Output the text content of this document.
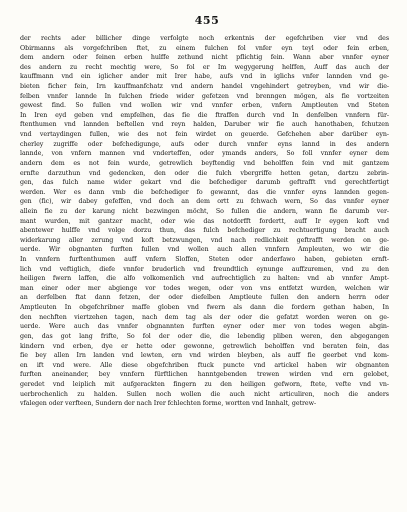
455
der rechts ader billicher dinge verfolgte noch erkentnis der egefchriben vier vnd des
Obirmanns als vorgefchriben ftet, zu einem fulchen fol vnfer eyn teyl oder fein erben,
dem andern oder feinen erben hulffe zethund nicht pflichtig fein. Wann aber vnnfer eyner
des andern zu recht mechtig were, So fol er Im wegygerung helffen, Auff das auch der
kauffmann vnd ein iglicher ander mit Irer habe, aufs vnd in iglichs vnfer lannden vnd ge-
bieten ficher fein, Irn kauffmanfchatz vnd andern handel vngehindert getreyben, vnd wir die-
felben vnnfer lannde In fulchen friede wider gefetzen vnd brenngen mögen, als fie vortzeiten
gewest find. So fullen vnd wollen wir vnd vnnfer erben, vnfern Amptleuten vnd Steten
In Iren eyd geben vnd empfelhen, das fie die ftraffen durch vnd In denfelben vnnfern für-
ftenthumen vnd lannden beftellen vnd reyn halden, Daruber wir fie auch hanothaben, fchutzen
vnd vertaydingen fullen, wie des not fein wirdet on geuerde. Gefchehen aber darüber eyn-
cherley zugriffe oder befchedigunge, aufs oder durch vnnfer eyns lannd in des andern
lannde, von vnfern mannen vnd vnderteffen, oder ymands anders, So foll vnnfer eyner dem
andern dem es not fein wurde, getrewlich beyftendig vnd beholffen fein vnd mit gantzem
ernfte darzuthun vnd gedencken, den oder die fulch vbergriffe hetten getan, dartzu zebrin-
gen, das fulch name wider gekart vnd die befchediger darumb geftrafft vnd gerechtfertigt
werden. Wer es dann vmb die befchediger fo gewannt, das die vnnfer eyns lannden gegen-
gen (fic), wir dabey gefeffen, vnd doch an dem ortt zu fchwach wern, So das vnnfer eyner
allein fie zu der karung nicht bezwingen möcht, So fullen die andern, wann fie darumb ver-
mant wurden, mit gantzer macht, oder wie das notdorfft fordertt, auff Ir eygen koft vnd
abentewer hulffe vnd volge dorzu thun, das fulch befchediger zu rechtuertigung bracht auch
widerkarung aller zerung vnd koft betzwungen, vnd nach redlichkeit geftrafft werden on ge-
uerde. Wir obgnanten furften fullen vnd wollen auch allen vnnfern Ampleuten, wo wir die
In vnnfern furftenthumen auff vnfern Sloffen, Steten oder anderfawo haben, gebieten ernft-
lich vnd veftiglich, diefe vnnfer bruderlich vnd freundtlich eynunge auffzuremen, vnd zu den
heiligen fwern laffen, die alfo volkomenlich vnd aufrechtiglich zu halten: vnd ab vnnfer Ampt-
man einer oder mer abgienge vor todes wegen, oder von vns entfetzt wurden, welchen wir
an derfelben ftat dann fetzen, der oder diefelben Amptleute fullen den andern herrn oder
Amptleuten In obgefchribner maffe globen vnd fwern als dann die fordern gethan haben, In
den nechften viertzehen tagen, nach dem tag als der oder die gefatzt worden weren on ge-
uerde. Were auch das vnnfer obgnannten furften eyner oder mer von todes wegen abgin-
gen, das got lang frifte, So fol der oder die, die lebendig pliben weren, den abgegangen
kindern vnd erben, dye er hette oder gewonne, getrewlich beholffen vnd beraten fein, das
fie bey allen Irn landen vnd lewten, ern vnd wirden bleyben, als auff fie geerbet vnd kom-
en ift vnd were. Alle diese obgefchriben ftuck puncte vnd artickel haben wir obgnanten
furften aneinander, bey vnnfern fürftlichen hanntgebenden trewen wirden vnd ern gelobet,
geredet vnd leiplich mit aufgerackten fingern zu den heiligen gefworn, ftete, vefte vnd vn-
uerbrochenlich zu halden. Sullen noch wollen die auch nicht articuliren, noch die anders
vfalegen oder verfteen, Sundern der nach Irer fchlechten forme, wortten vnd Innhalt, getrew-
